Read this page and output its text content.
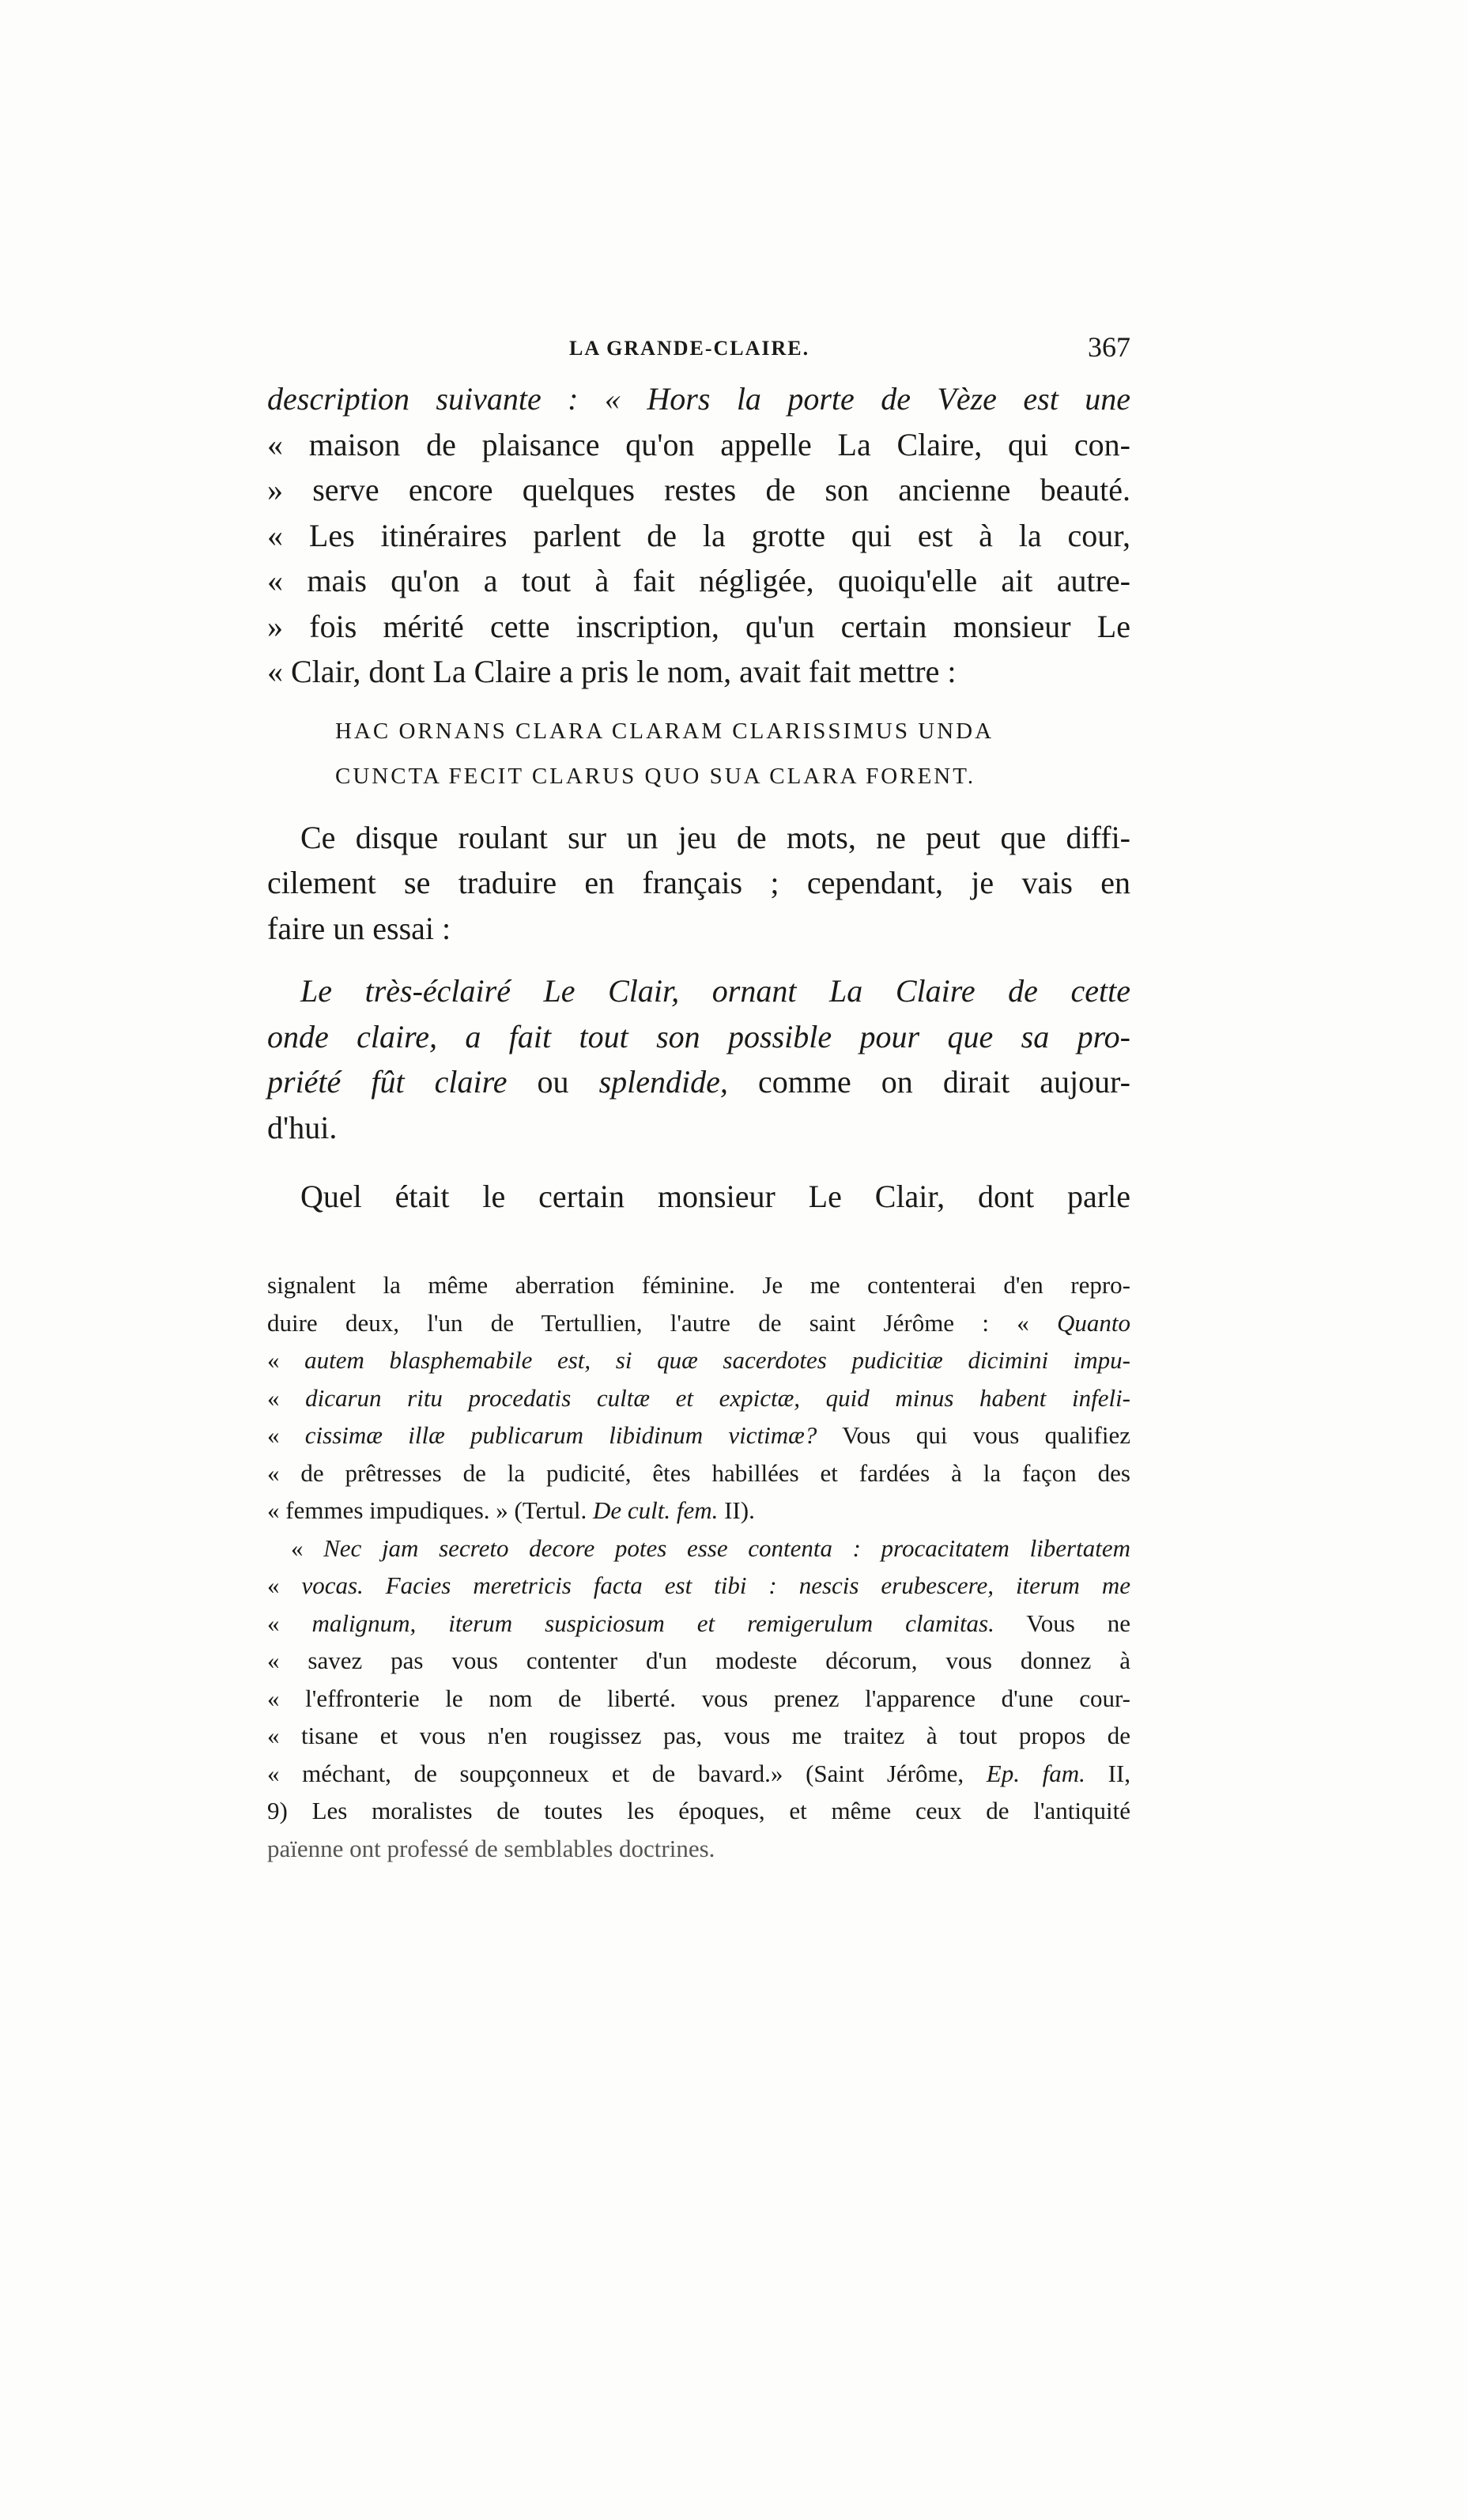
LA GRANDE-CLAIRE.	367
description suivante : « Hors la porte de Vèze est une
« maison de plaisance qu'on appelle La Claire, qui con-
» serve encore quelques restes de son ancienne beauté.
« Les itinéraires parlent de la grotte qui est à la cour,
« mais qu'on a tout à fait négligée, quoiqu'elle ait autre-
» fois mérité cette inscription, qu'un certain monsieur Le
« Clair, dont La Claire a pris le nom, avait fait mettre :
HAC ORNANS CLARA CLARAM CLARISSIMUS UNDA
CUNCTA FECIT CLARUS QUO SUA CLARA FORENT.
Ce disque roulant sur un jeu de mots, ne peut que diffi-
cilement se traduire en français ; cependant, je vais en
faire un essai :
Le très-éclairé Le Clair, ornant La Claire de cette
onde claire, a fait tout son possible pour que sa pro-
priété fût claire ou splendide, comme on dirait aujour-
d'hui.
Quel était le certain monsieur Le Clair, dont parle
signalent la même aberration féminine. Je me contenterai d'en repro-
duire deux, l'un de Tertullien, l'autre de saint Jérôme : « Quanto
« autem blasphemabile est, si quæ sacerdotes pudicitiæ dicimini impu-
« dicarun ritu procedatis cultæ et expictæ, quid minus habent infeli-
« cissimæ illæ publicarum libidinum victimæ? Vous qui vous qualifiez
« de prêtresses de la pudicité, êtes habillées et fardées à la façon des
« femmes impudiques. » (Tertul. De cult. fem. II).
« Nec jam secreto decore potes esse contenta : procacitatem libertatem
« vocas. Facies meretricis facta est tibi : nescis erubescere, iterum me
« malignum, iterum suspiciosum et remigerulum clamitas. Vous ne
« savez pas vous contenter d'un modeste décorum, vous donnez à
« l'effronterie le nom de liberté. vous prenez l'apparence d'une cour-
« tisane et vous n'en rougissez pas, vous me traitez à tout propos de
« méchant, de soupçonneux et de bavard.» (Saint Jérôme, Ep. fam. II,
9) Les moralistes de toutes les époques, et même ceux de l'antiquité
païenne ont professé de semblables doctrines.
